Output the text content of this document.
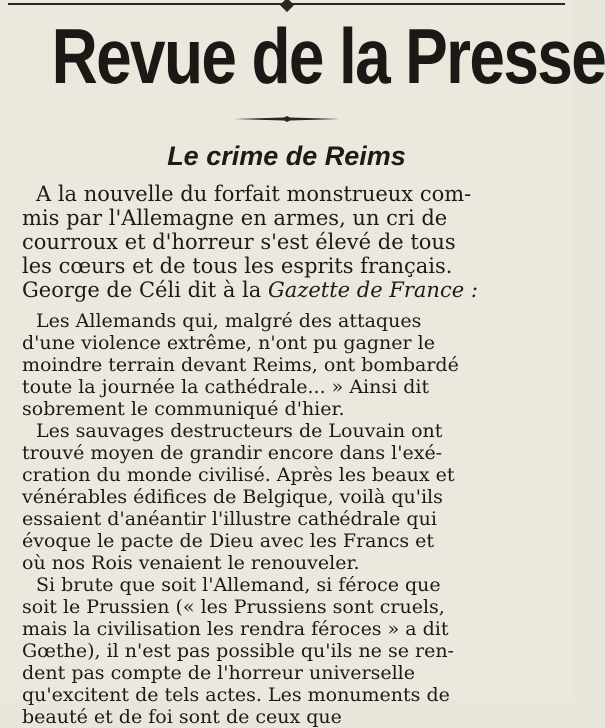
Revue de la Presse
Le crime de Reims
A la nouvelle du forfait monstrueux com-
mis par l'Allemagne en armes, un cri de
courroux et d'horreur s'est élevé de tous
les cœurs et de tous les esprits français.
George de Céli dit à la Gazette de France :
Les Allemands qui, malgré des attaques
d'une violence extrême, n'ont pu gagner le
moindre terrain devant Reims, ont bombardé
toute la journée la cathédrale... » Ainsi dit
sobrement le communiqué d'hier.
Les sauvages destructeurs de Louvain ont
trouvé moyen de grandir encore dans l'exé-
cration du monde civilisé. Après les beaux et
vénérables édifices de Belgique, voilà qu'ils
essaient d'anéantir l'illustre cathédrale qui
évoque le pacte de Dieu avec les Francs et
où nos Rois venaient le renouveler.
Si brute que soit l'Allemand, si féroce que
soit le Prussien (« les Prussiens sont cruels,
mais la civilisation les rendra féroces » a dit
Gœthe), il n'est pas possible qu'ils ne se ren-
dent pas compte de l'horreur universelle
qu'excitent de tels actes. Les monuments de
beauté et de foi sont de ceux que
